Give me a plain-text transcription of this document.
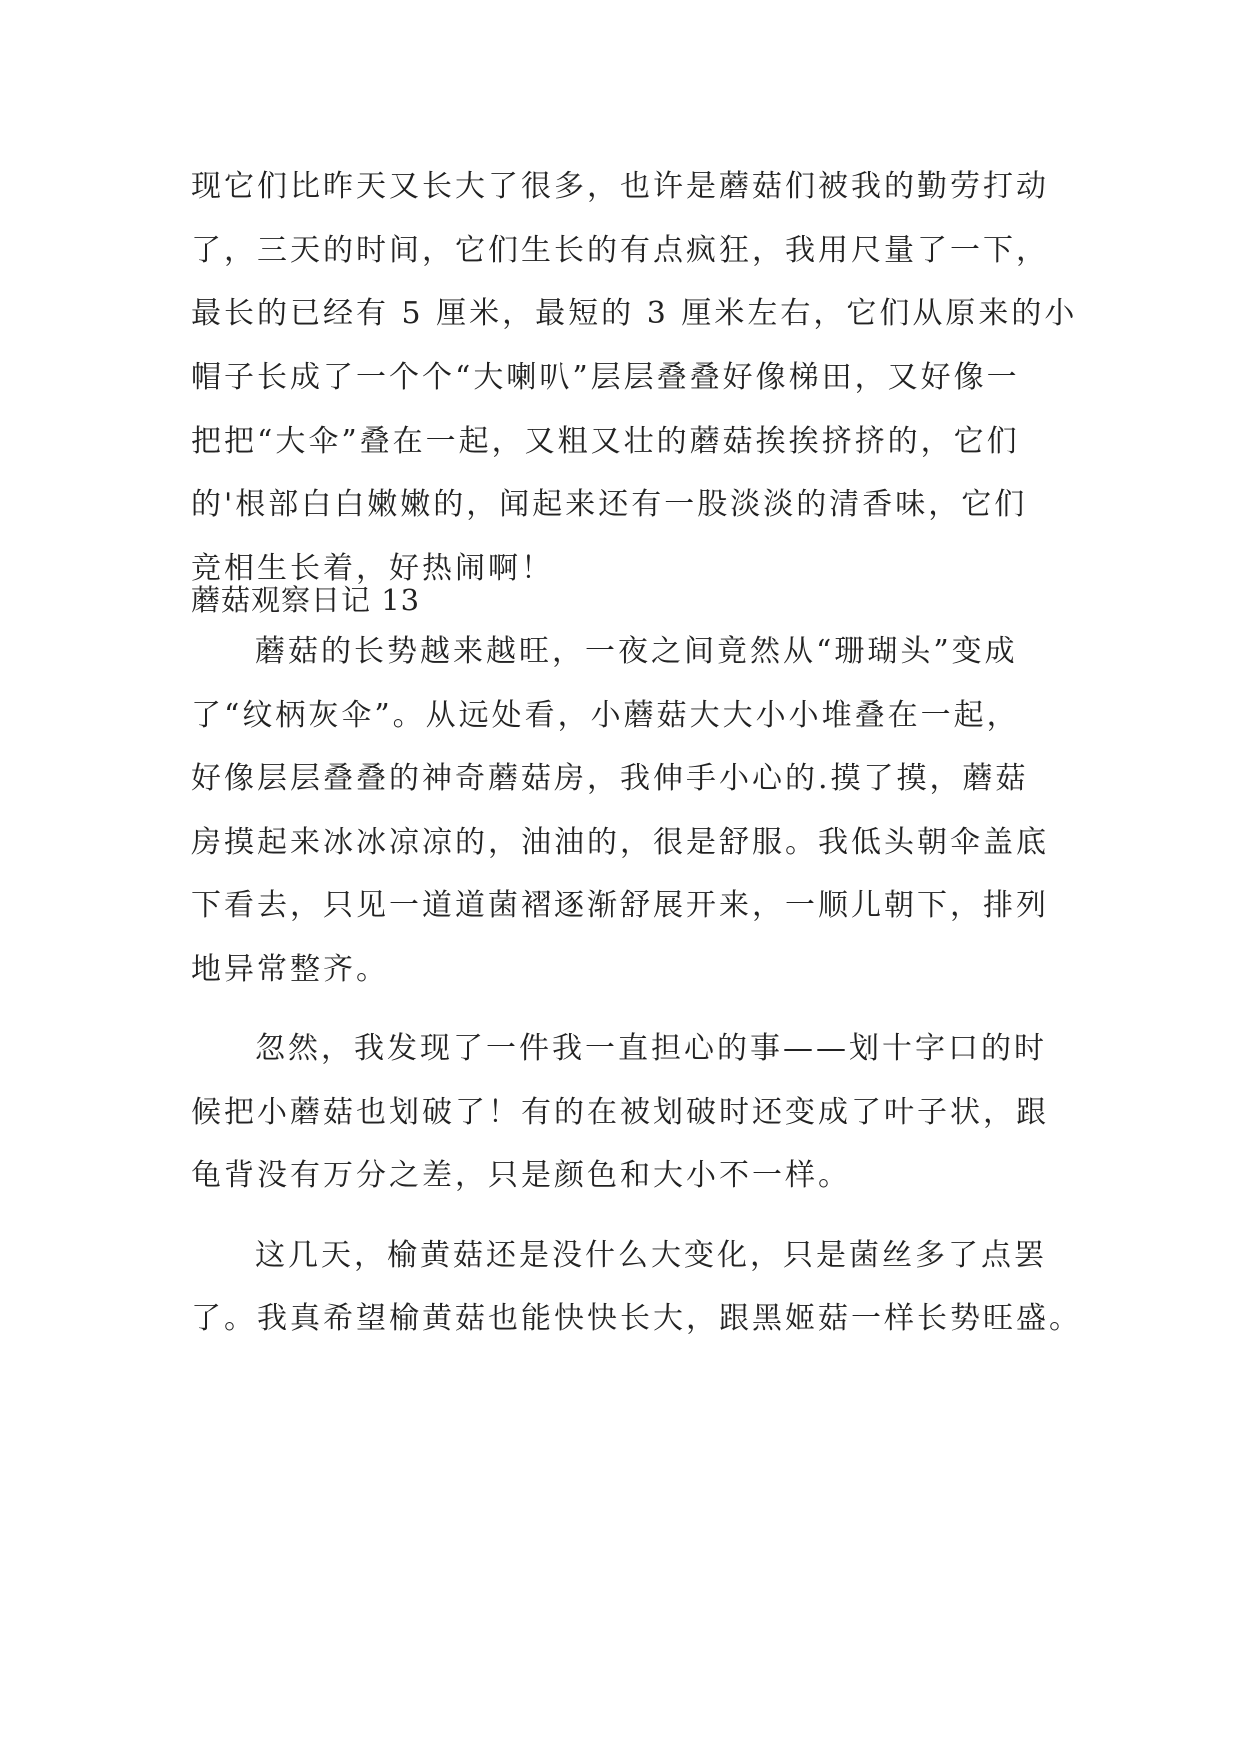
现它们比昨天又长大了很多，也许是蘑菇们被我的勤劳打动
了，三天的时间，它们生长的有点疯狂，我用尺量了一下，
最长的已经有 5 厘米，最短的 3 厘米左右，它们从原来的小
帽子长成了一个个“大喇叭”层层叠叠好像梯田，又好像一
把把“大伞”叠在一起，又粗又壮的蘑菇挨挨挤挤的，它们
的'根部白白嫩嫩的，闻起来还有一股淡淡的清香味，它们
竞相生长着，好热闹啊！
蘑菇观察日记 13
蘑菇的长势越来越旺，一夜之间竟然从“珊瑚头”变成
了“纹柄灰伞”。从远处看，小蘑菇大大小小堆叠在一起，
好像层层叠叠的神奇蘑菇房，我伸手小心的.摸了摸，蘑菇
房摸起来冰冰凉凉的，油油的，很是舒服。我低头朝伞盖底
下看去，只见一道道菌褶逐渐舒展开来，一顺儿朝下，排列
地异常整齐。
忽然，我发现了一件我一直担心的事——划十字口的时
候把小蘑菇也划破了！有的在被划破时还变成了叶子状，跟
龟背没有万分之差，只是颜色和大小不一样。
这几天，榆黄菇还是没什么大变化，只是菌丝多了点罢
了。我真希望榆黄菇也能快快长大，跟黑姬菇一样长势旺盛。
